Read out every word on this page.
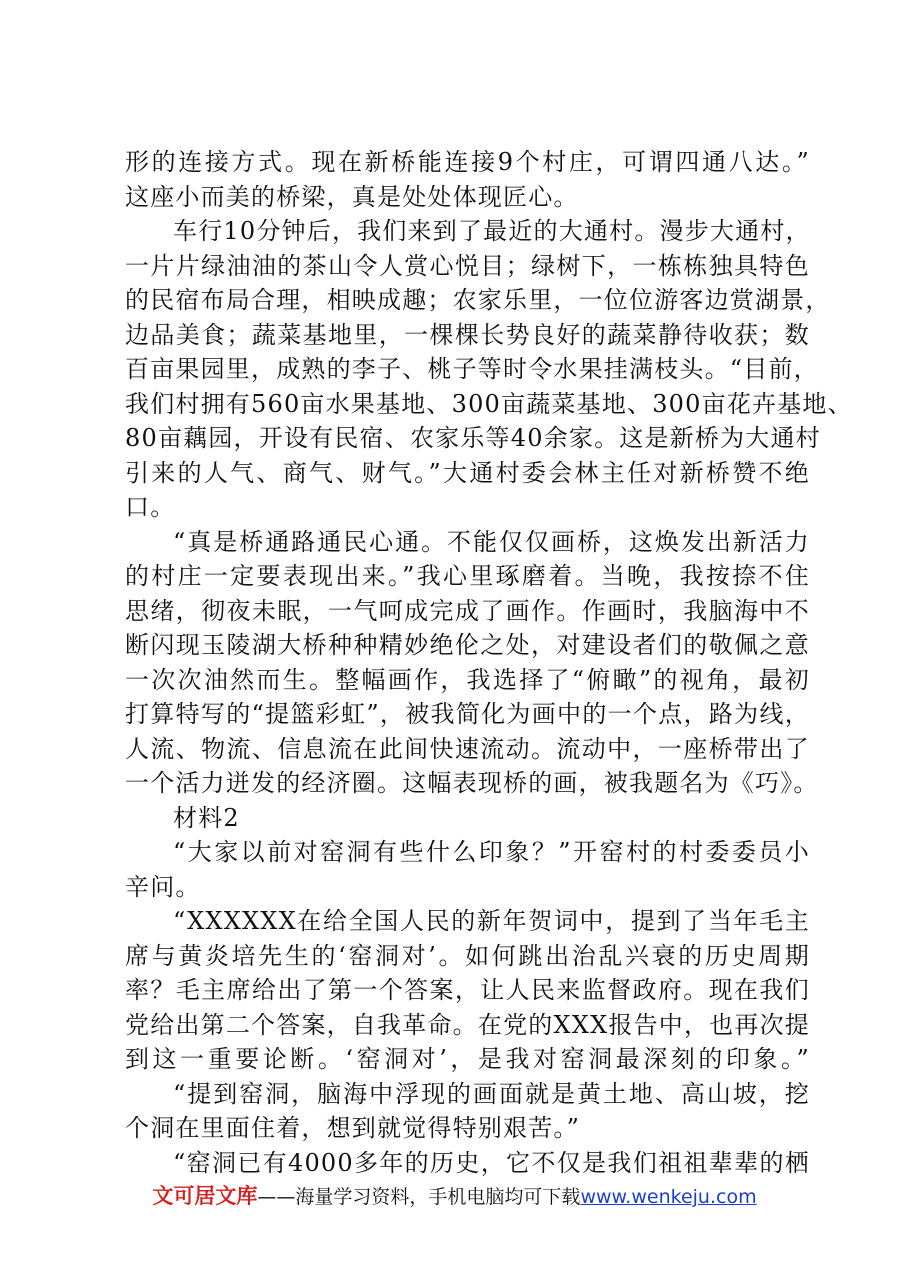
形的连接方式。现在新桥能连接9个村庄，可谓四通八达。”
这座小而美的桥梁，真是处处体现匠心。
车行10分钟后，我们来到了最近的大通村。漫步大通村，
一片片绿油油的茶山令人赏心悦目；绿树下，一栋栋独具特色
的民宿布局合理，相映成趣；农家乐里，一位位游客边赏湖景，
边品美食；蔬菜基地里，一棵棵长势良好的蔬菜静待收获；数
百亩果园里，成熟的李子、桃子等时令水果挂满枝头。“目前，
我们村拥有560亩水果基地、300亩蔬菜基地、300亩花卉基地、
80亩藕园，开设有民宿、农家乐等40余家。这是新桥为大通村
引来的人气、商气、财气。”大通村委会林主任对新桥赞不绝
口。
“真是桥通路通民心通。不能仅仅画桥，这焕发出新活力
的村庄一定要表现出来。”我心里琢磨着。当晚，我按捺不住
思绪，彻夜未眠，一气呵成完成了画作。作画时，我脑海中不
断闪现玉陵湖大桥种种精妙绝伦之处，对建设者们的敬佩之意
一次次油然而生。整幅画作，我选择了“俯瞰”的视角，最初
打算特写的“提篮彩虹”，被我简化为画中的一个点，路为线，
人流、物流、信息流在此间快速流动。流动中，一座桥带出了
一个活力迸发的经济圈。这幅表现桥的画，被我题名为《巧》。
材料2
“大家以前对窑洞有些什么印象？”开窑村的村委委员小
辛问。
“XXXXXX在给全国人民的新年贺词中，提到了当年毛主
席与黄炎培先生的‘窑洞对’。如何跳出治乱兴衰的历史周期
率？毛主席给出了第一个答案，让人民来监督政府。现在我们
党给出第二个答案，自我革命。在党的XXX报告中，也再次提
到这一重要论断。‘窑洞对’，是我对窑洞最深刻的印象。”
“提到窑洞，脑海中浮现的画面就是黄土地、高山坡，挖
个洞在里面住着，想到就觉得特别艰苦。”
“窑洞已有4000多年的历史，它不仅是我们祖祖辈辈的栖
文可居文库——海量学习资料，手机电脑均可下载www.wenkeju.com
